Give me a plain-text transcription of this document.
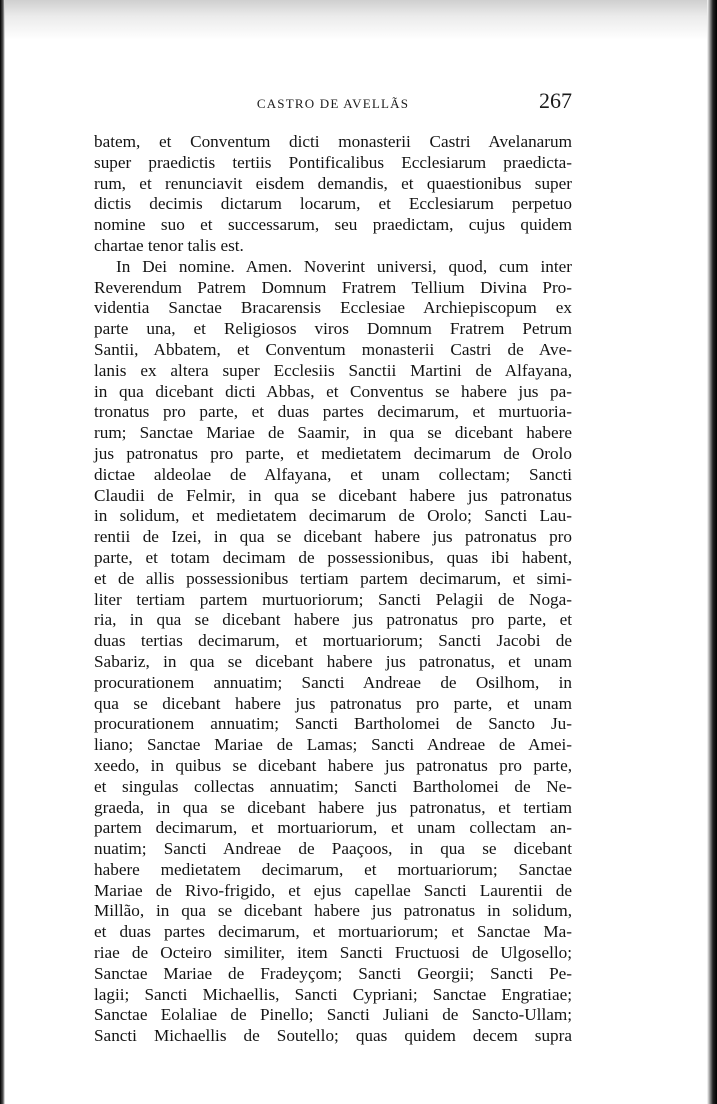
CASTRO DE AVELLÃS	267
batem, et Conventum dicti monasterii Castri Avelanarum
super praedictis tertiis Pontificalibus Ecclesiarum praedicta-
rum, et renunciavit eisdem demandis, et quaestionibus super
dictis decimis dictarum locarum, et Ecclesiarum perpetuo
nomine suo et successarum, seu praedictam, cujus quidem
chartae tenor talis est.
In Dei nomine. Amen. Noverint universi, quod, cum inter
Reverendum Patrem Domnum Fratrem Tellium Divina Pro-
videntia Sanctae Bracarensis Ecclesiae Archiepiscopum ex
parte una, et Religiosos viros Domnum Fratrem Petrum
Santii, Abbatem, et Conventum monasterii Castri de Ave-
lanis ex altera super Ecclesiis Sanctii Martini de Alfayana,
in qua dicebant dicti Abbas, et Conventus se habere jus pa-
tronatus pro parte, et duas partes decimarum, et murtuoria-
rum; Sanctae Mariae de Saamir, in qua se dicebant habere
jus patronatus pro parte, et medietatem decimarum de Orolo
dictae aldeolae de Alfayana, et unam collectam; Sancti
Claudii de Felmir, in qua se dicebant habere jus patronatus
in solidum, et medietatem decimarum de Orolo; Sancti Lau-
rentii de Izei, in qua se dicebant habere jus patronatus pro
parte, et totam decimam de possessionibus, quas ibi habent,
et de allis possessionibus tertiam partem decimarum, et simi-
liter tertiam partem murtuoriorum; Sancti Pelagii de Noga-
ria, in qua se dicebant habere jus patronatus pro parte, et
duas tertias decimarum, et mortuariorum; Sancti Jacobi de
Sabariz, in qua se dicebant habere jus patronatus, et unam
procurationem annuatim; Sancti Andreae de Osilhom, in
qua se dicebant habere jus patronatus pro parte, et unam
procurationem annuatim; Sancti Bartholomei de Sancto Ju-
liano; Sanctae Mariae de Lamas; Sancti Andreae de Amei-
xeedo, in quibus se dicebant habere jus patronatus pro parte,
et singulas collectas annuatim; Sancti Bartholomei de Ne-
graeda, in qua se dicebant habere jus patronatus, et tertiam
partem decimarum, et mortuariorum, et unam collectam an-
nuatim; Sancti Andreae de Paaçoos, in qua se dicebant
habere medietatem decimarum, et mortuariorum; Sanctae
Mariae de Rivo-frigido, et ejus capellae Sancti Laurentii de
Millão, in qua se dicebant habere jus patronatus in solidum,
et duas partes decimarum, et mortuariorum; et Sanctae Ma-
riae de Octeiro similiter, item Sancti Fructuosi de Ulgosello;
Sanctae Mariae de Fradeyçom; Sancti Georgii; Sancti Pe-
lagii; Sancti Michaellis, Sancti Cypriani; Sanctae Engratiae;
Sanctae Eolaliae de Pinello; Sancti Juliani de Sancto-Ullam;
Sancti Michaellis de Soutello; quas quidem decem supra
